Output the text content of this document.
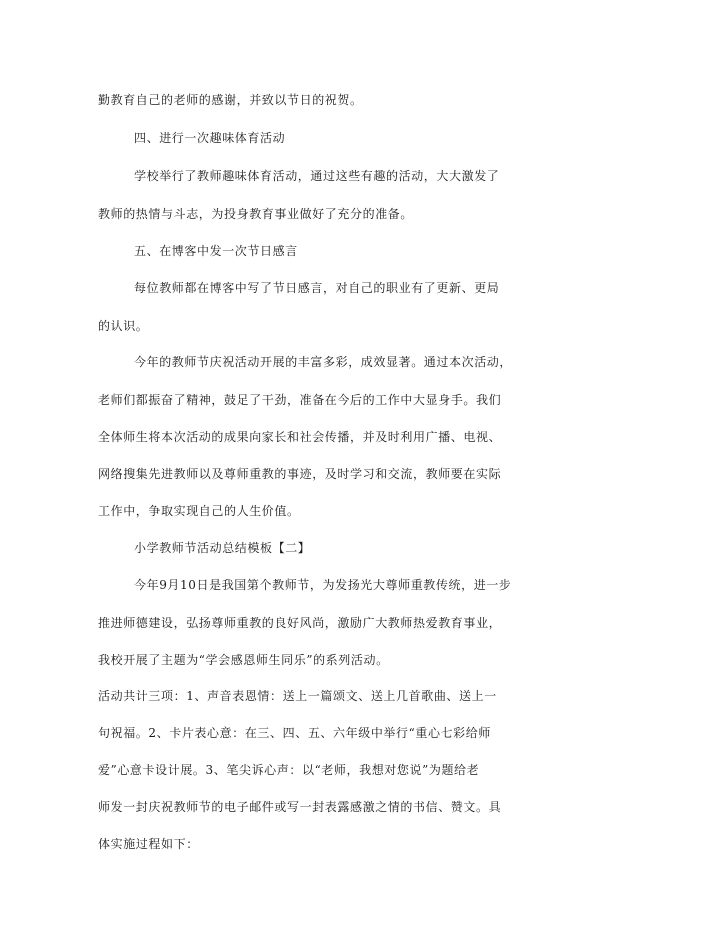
勤教育自己的老师的感谢，并致以节日的祝贺。
四、进行一次趣味体育活动
学校举行了教师趣味体育活动，通过这些有趣的活动，大大激发了
教师的热情与斗志，为投身教育事业做好了充分的准备。
五、在博客中发一次节日感言
每位教师都在博客中写了节日感言，对自己的职业有了更新、更局
的认识。
今年的教师节庆祝活动开展的丰富多彩，成效显著。通过本次活动，
老师们都振奋了精神，鼓足了干劲，准备在今后的工作中大显身手。我们
全体师生将本次活动的成果向家长和社会传播，并及时利用广播、电视、
网络搜集先进教师以及尊师重教的事迹，及时学习和交流，教师要在实际
工作中，争取实现自己的人生价值。
小学教师节活动总结模板【二】
今年9月10日是我国第个教师节，为发扬光大尊师重教传统，进一步
推进师德建设，弘扬尊师重教的良好风尚，激励广大教师热爱教育事业，
我校开展了主题为“学会感恩师生同乐”的系列活动。
活动共计三项：1、声音表恩情：送上一篇颂文、送上几首歌曲、送上一
句祝福。2、卡片表心意：在三、四、五、六年级中举行“重心七彩给师
爱”心意卡设计展。3、笔尖诉心声：以“老师，我想对您说”为题给老
师发一封庆祝教师节的电子邮件或写一封表露感激之情的书信、赞文。具
体实施过程如下：
